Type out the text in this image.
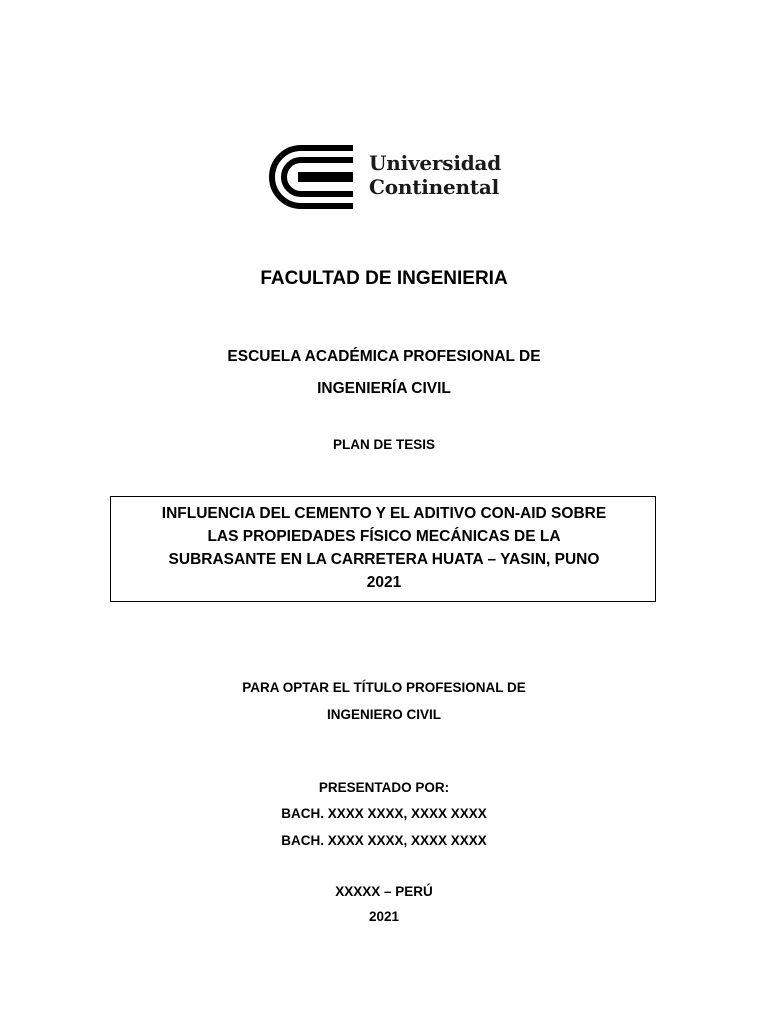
Universidad
Continental
FACULTAD DE INGENIERIA
ESCUELA ACADÉMICA PROFESIONAL DE
INGENIERÍA CIVIL
PLAN DE TESIS
INFLUENCIA DEL CEMENTO Y EL ADITIVO CON-AID SOBRE
LAS PROPIEDADES FÍSICO MECÁNICAS DE LA
SUBRASANTE EN LA CARRETERA HUATA – YASIN, PUNO
2021
PARA OPTAR EL TÍTULO PROFESIONAL DE
INGENIERO CIVIL
PRESENTADO POR:
BACH. XXXX XXXX, XXXX XXXX
BACH. XXXX XXXX, XXXX XXXX
XXXXX – PERÚ
2021
